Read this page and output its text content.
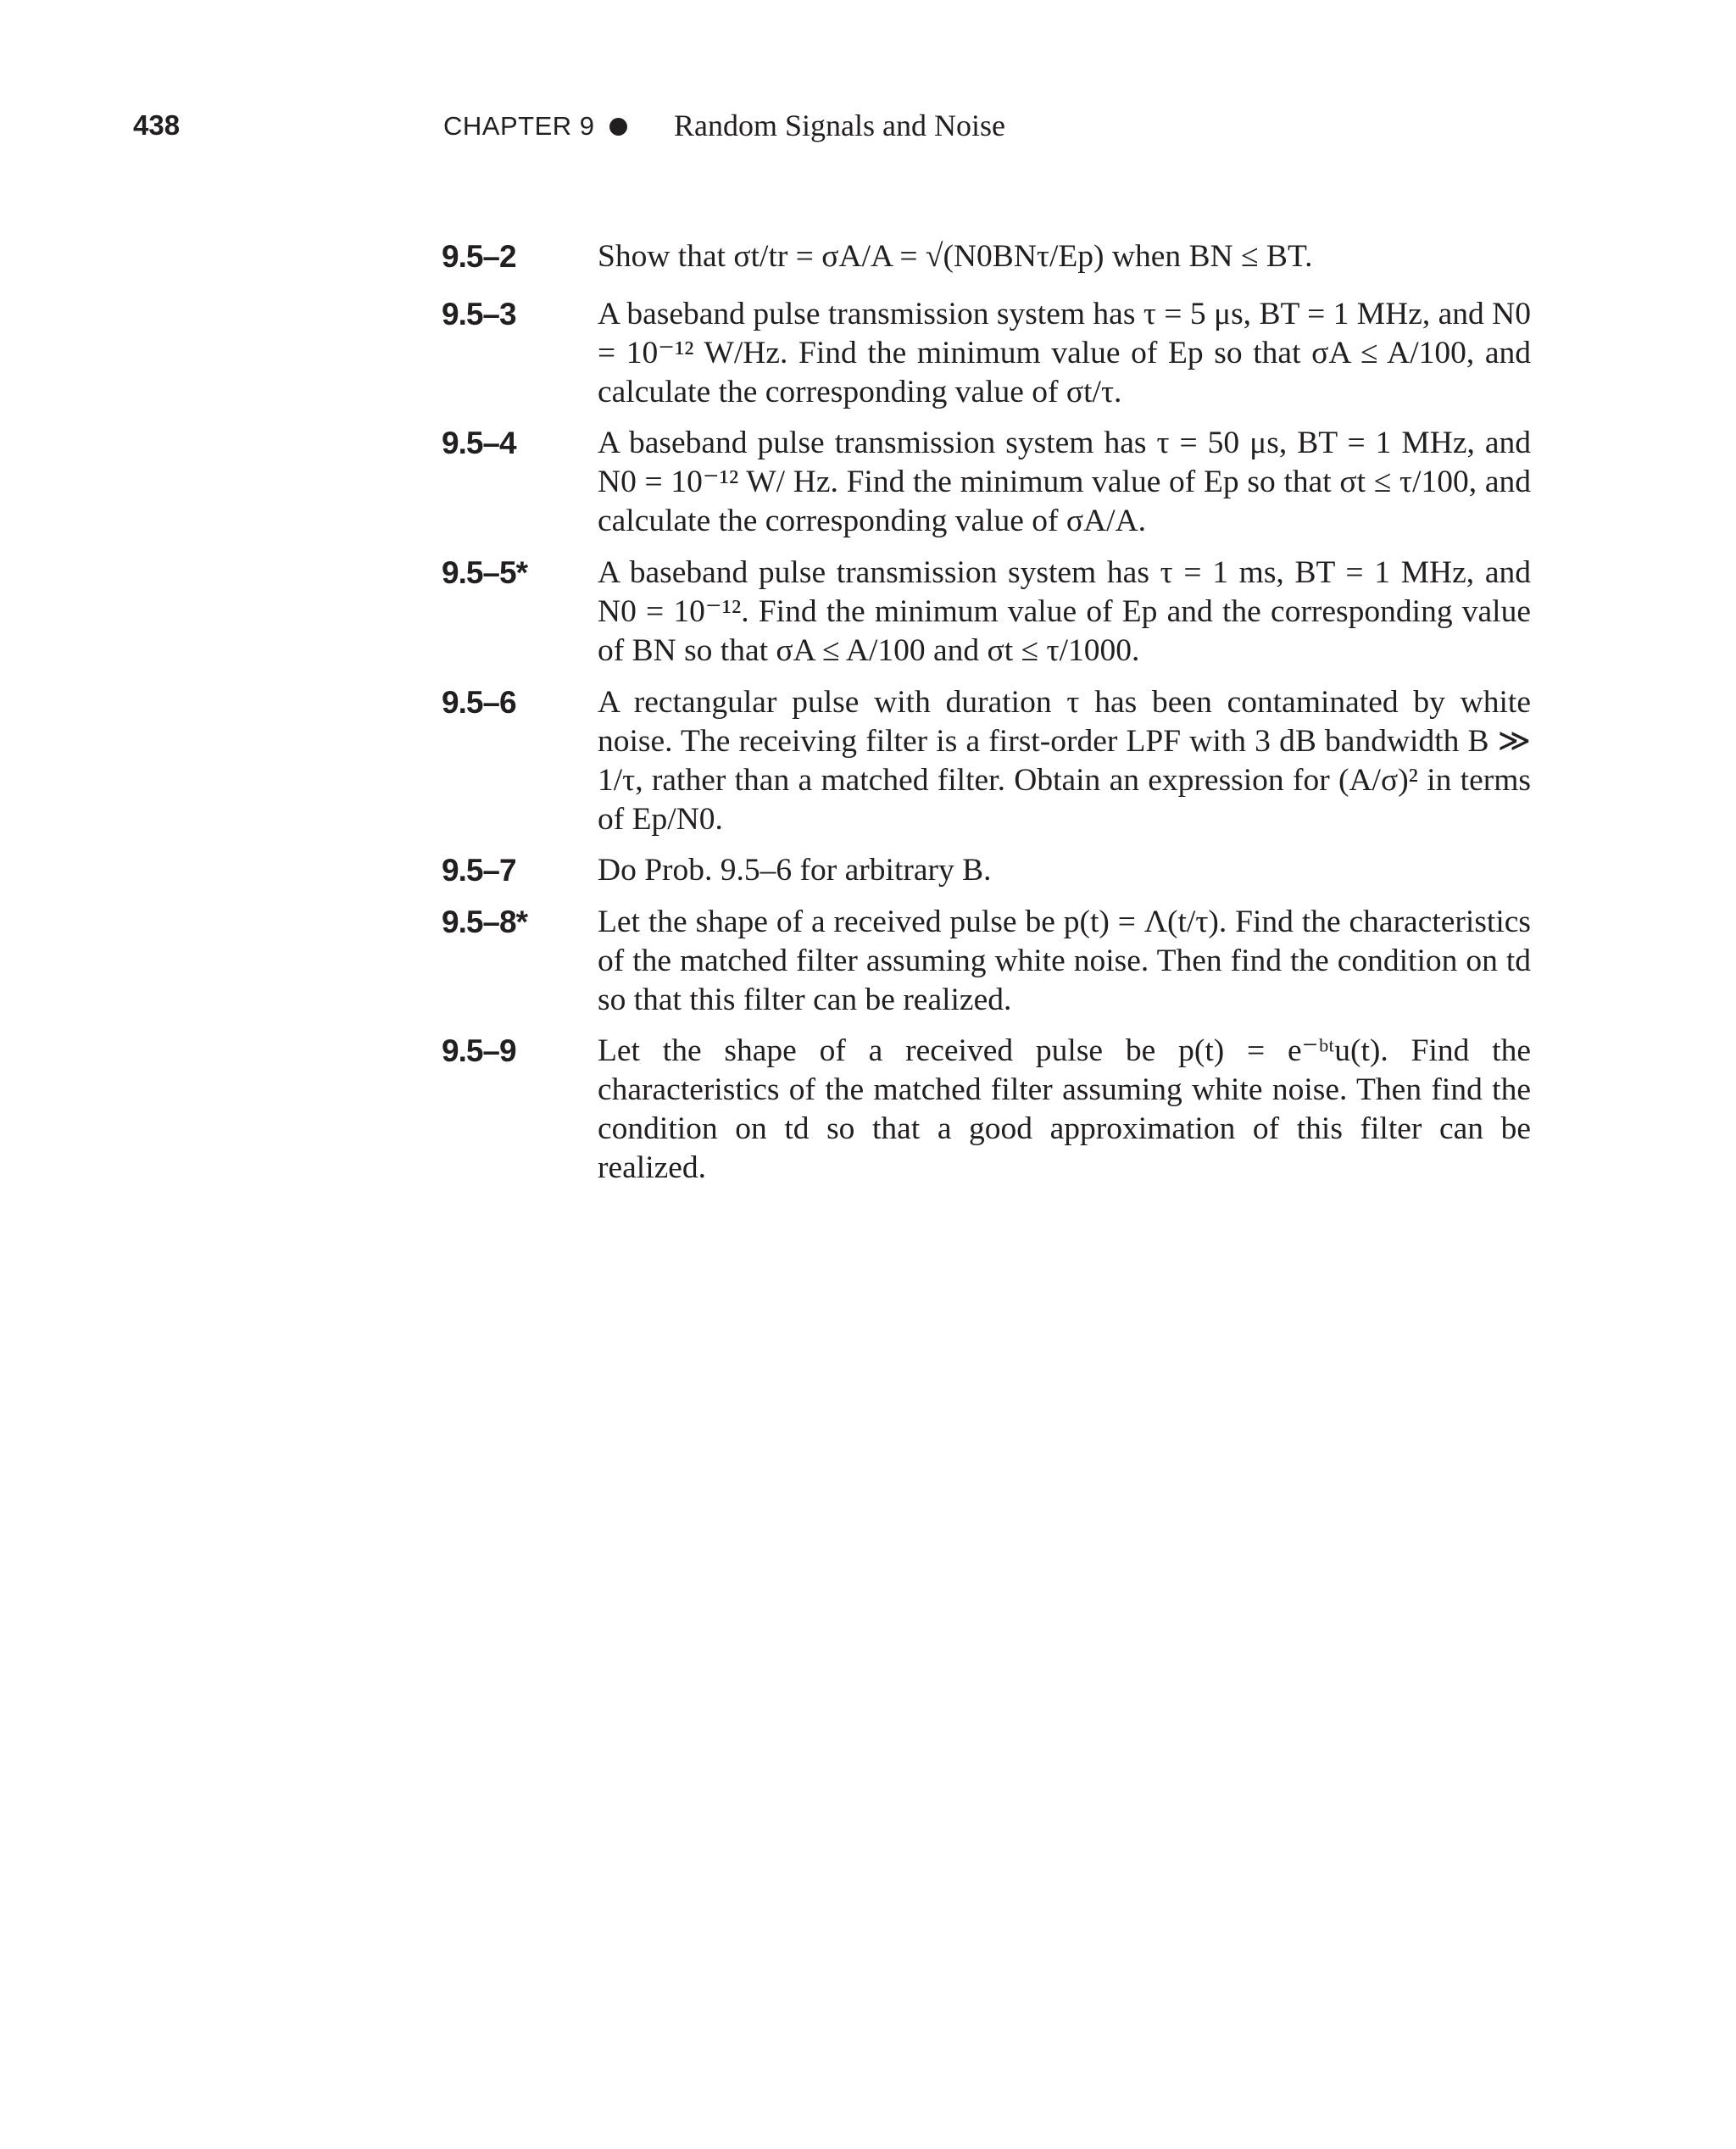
438	CHAPTER 9	Random Signals and Noise
9.5–2	Show that σt/tr = σA/A = √(N0BNτ/Ep) when BN ≤ BT.
9.5–3	A baseband pulse transmission system has τ = 5 μs, BT = 1 MHz, and N0 = 10⁻¹² W/Hz. Find the minimum value of Ep so that σA ≤ A/100, and calculate the corresponding value of σt/τ.
9.5–4	A baseband pulse transmission system has τ = 50 μs, BT = 1 MHz, and N0 = 10⁻¹² W/ Hz. Find the minimum value of Ep so that σt ≤ τ/100, and calculate the corresponding value of σA/A.
9.5–5* A baseband pulse transmission system has τ = 1 ms, BT = 1 MHz, and N0 = 10⁻¹². Find the minimum value of Ep and the corresponding value of BN so that σA ≤ A/100 and σt ≤ τ/1000.
9.5–6	A rectangular pulse with duration τ has been contaminated by white noise. The receiving filter is a first-order LPF with 3 dB bandwidth B ≫ 1/τ, rather than a matched filter. Obtain an expression for (A/σ)² in terms of Ep/N0.
9.5–7	Do Prob. 9.5–6 for arbitrary B.
9.5–8* Let the shape of a received pulse be p(t) = Λ(t/τ). Find the characteristics of the matched filter assuming white noise. Then find the condition on td so that this filter can be realized.
9.5–9	Let the shape of a received pulse be p(t) = e⁻ᵇᵗu(t). Find the characteristics of the matched filter assuming white noise. Then find the condition on td so that a good approximation of this filter can be realized.
